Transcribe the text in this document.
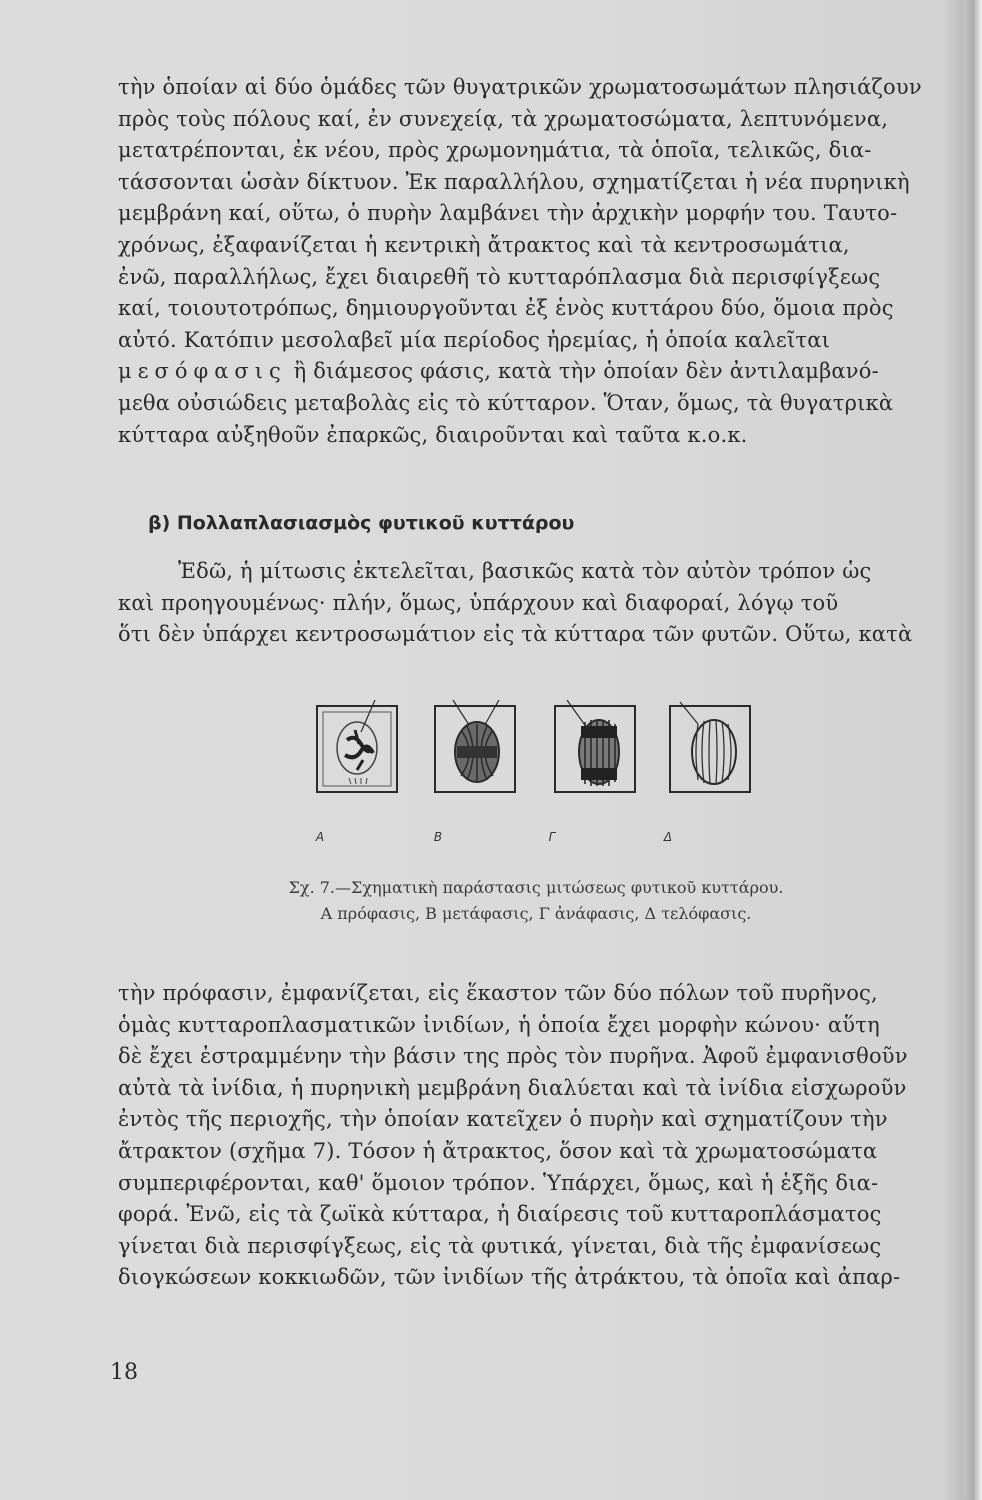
τὴν ὁποίαν αἱ δύο ὁμάδες τῶν θυγατρικῶν χρωματοσωμάτων πλησιάζουν
πρὸς τοὺς πόλους καί, ἐν συνεχείᾳ, τὰ χρωματοσώματα, λεπτυνόμενα,
μετατρέπονται, ἐκ νέου, πρὸς χρωμονημάτια, τὰ ὁποῖα, τελικῶς, δια-
τάσσονται ὡσὰν δίκτυον. Ἐκ παραλλήλου, σχηματίζεται ἡ νέα πυρηνικὴ
μεμβράνη καί, οὕτω, ὁ πυρὴν λαμβάνει τὴν ἀρχικὴν μορφήν του. Ταυτο-
χρόνως, ἐξαφανίζεται ἡ κεντρικὴ ἄτρακτος καὶ τὰ κεντροσωμάτια,
ἐνῶ, παραλλήλως, ἔχει διαιρεθῆ τὸ κυτταρόπλασμα διὰ περισφίγξεως
καί, τοιουτοτρόπως, δημιουργοῦνται ἐξ ἑνὸς κυττάρου δύο, ὅμοια πρὸς
αὐτό. Κατόπιν μεσολαβεῖ μία περίοδος ἠρεμίας, ἡ ὁποία καλεῖται
μεσόφασις ἢ διάμεσος φάσις, κατὰ τὴν ὁποίαν δὲν ἀντιλαμβανό-
μεθα οὐσιώδεις μεταβολὰς εἰς τὸ κύτταρον. Ὅταν, ὅμως, τὰ θυγατρικὰ
κύτταρα αὐξηθοῦν ἐπαρκῶς, διαιροῦνται καὶ ταῦτα κ.ο.κ.
β) Πολλαπλασιασμὸς φυτικοῦ κυττάρου
Ἐδῶ, ἡ μίτωσις ἐκτελεῖται, βασικῶς κατὰ τὸν αὐτὸν τρόπον ὡς
καὶ προηγουμένως· πλήν, ὅμως, ὑπάρχουν καὶ διαφοραί, λόγῳ τοῦ
ὅτι δὲν ὑπάρχει κεντροσωμάτιον εἰς τὰ κύτταρα τῶν φυτῶν. Οὕτω, κατὰ
A	B	Γ	Δ
Σχ. 7.—Σχηματικὴ παράστασις μιτώσεως φυτικοῦ κυττάρου.
Α πρόφασις, Β μετάφασις, Γ ἀνάφασις, Δ τελόφασις.
τὴν πρόφασιν, ἐμφανίζεται, εἰς ἕκαστον τῶν δύο πόλων τοῦ πυρῆνος,
ὁμὰς κυτταροπλασματικῶν ἰνιδίων, ἡ ὁποία ἔχει μορφὴν κώνου· αὕτη
δὲ ἔχει ἐστραμμένην τὴν βάσιν της πρὸς τὸν πυρῆνα. Ἀφοῦ ἐμφανισθοῦν
αὐτὰ τὰ ἰνίδια, ἡ πυρηνικὴ μεμβράνη διαλύεται καὶ τὰ ἰνίδια εἰσχωροῦν
ἐντὸς τῆς περιοχῆς, τὴν ὁποίαν κατεῖχεν ὁ πυρὴν καὶ σχηματίζουν τὴν
ἄτρακτον (σχῆμα 7). Τόσον ἡ ἄτρακτος, ὅσον καὶ τὰ χρωματοσώματα
συμπεριφέρονται, καθ' ὅμοιον τρόπον. Ὑπάρχει, ὅμως, καὶ ἡ ἑξῆς δια-
φορά. Ἐνῶ, εἰς τὰ ζωϊκὰ κύτταρα, ἡ διαίρεσις τοῦ κυτταροπλάσματος
γίνεται διὰ περισφίγξεως, εἰς τὰ φυτικά, γίνεται, διὰ τῆς ἐμφανίσεως
διογκώσεων κοκκιωδῶν, τῶν ἰνιδίων τῆς ἀτράκτου, τὰ ὁποῖα καὶ ἀπαρ-
18
